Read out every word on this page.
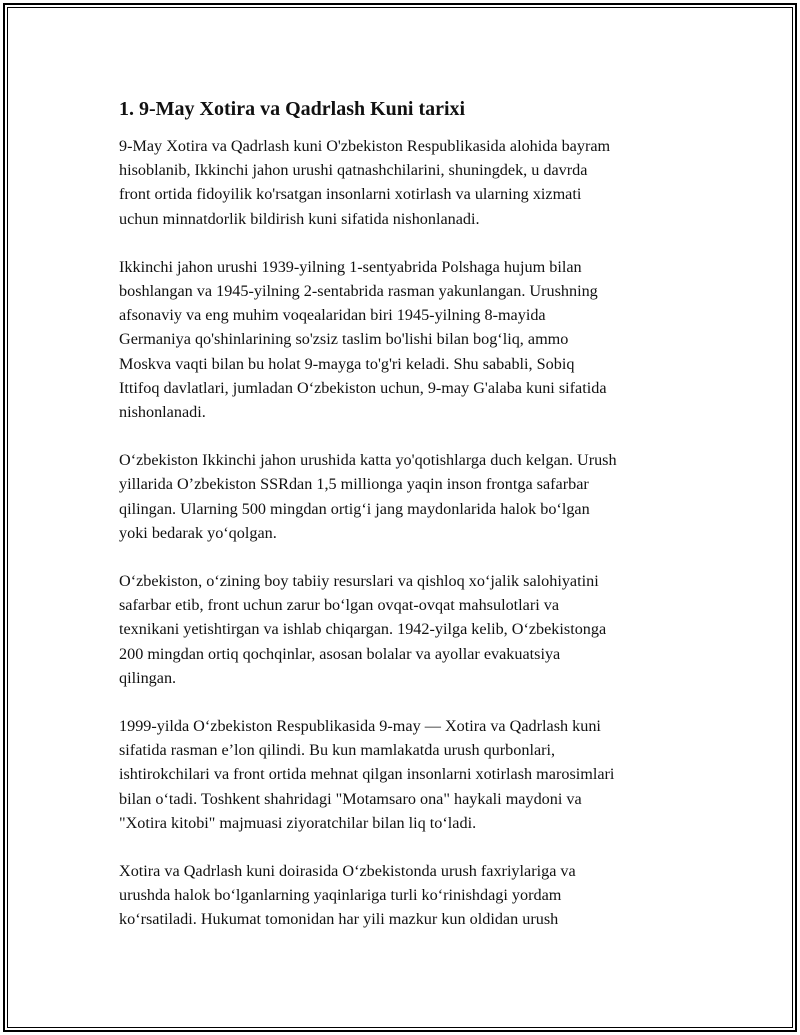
1. 9-May Xotira va Qadrlash Kuni tarixi

9-May Xotira va Qadrlash kuni O'zbekiston Respublikasida alohida bayram
hisoblanib, Ikkinchi jahon urushi qatnashchilarini, shuningdek, u davrda
front ortida fidoyilik ko'rsatgan insonlarni xotirlash va ularning xizmati
uchun minnatdorlik bildirish kuni sifatida nishonlanadi.

Ikkinchi jahon urushi 1939-yilning 1-sentyabrida Polshaga hujum bilan
boshlangan va 1945-yilning 2-sentabrida rasman yakunlangan. Urushning
afsonaviy va eng muhim voqealaridan biri 1945-yilning 8-mayida
Germaniya qo'shinlarining so'zsiz taslim bo'lishi bilan bog‘liq, ammo
Moskva vaqti bilan bu holat 9-mayga to'g'ri keladi. Shu sababli, Sobiq
Ittifoq davlatlari, jumladan O‘zbekiston uchun, 9-may G'alaba kuni sifatida
nishonlanadi.

O‘zbekiston Ikkinchi jahon urushida katta yo'qotishlarga duch kelgan. Urush
yillarida O’zbekiston SSRdan 1,5 millionga yaqin inson frontga safarbar
qilingan. Ularning 500 mingdan ortig‘i jang maydonlarida halok bo‘lgan
yoki bedarak yo‘qolgan.

O‘zbekiston, o‘zining boy tabiiy resurslari va qishloq xo‘jalik salohiyatini
safarbar etib, front uchun zarur bo‘lgan ovqat-ovqat mahsulotlari va
texnikani yetishtirgan va ishlab chiqargan. 1942-yilga kelib, O‘zbekistonga
200 mingdan ortiq qochqinlar, asosan bolalar va ayollar evakuatsiya
qilingan.

1999-yilda O‘zbekiston Respublikasida 9-may — Xotira va Qadrlash kuni
sifatida rasman e’lon qilindi. Bu kun mamlakatda urush qurbonlari,
ishtirokchilari va front ortida mehnat qilgan insonlarni xotirlash marosimlari
bilan o‘tadi. Toshkent shahridagi "Motamsaro ona" haykali maydoni va
"Xotira kitobi" majmuasi ziyoratchilar bilan liq to‘ladi.

Xotira va Qadrlash kuni doirasida O‘zbekistonda urush faxriylariga va
urushda halok bo‘lganlarning yaqinlariga turli ko‘rinishdagi yordam
ko‘rsatiladi. Hukumat tomonidan har yili mazkur kun oldidan urush
